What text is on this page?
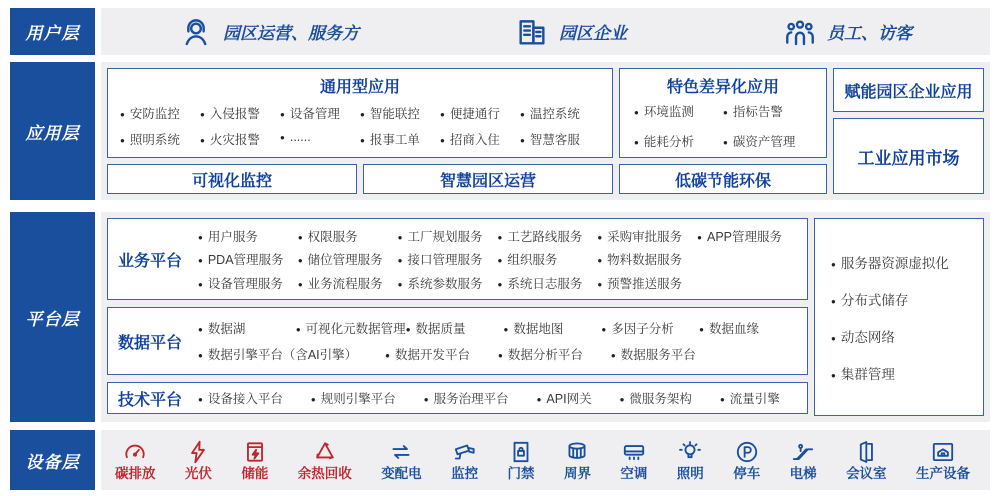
用户层	园区运营、服务方	园区企业	员工、访客
应用层
通用型应用
● 安防监控	● 入侵报警	● 设备管理	● 智能联控	● 便捷通行	● 温控系统
● 照明系统	● 火灾报警	● ......	● 报事工单	● 招商入住	● 智慧客服
可视化监控	智慧园区运营
特色差异化应用
● 环境监测	● 指标告警
● 能耗分析	● 碳资产管理
低碳节能环保
赋能园区企业应用
工业应用市场
平台层
业务平台
● 用户服务	● 权限服务	● 工厂规划服务	● 工艺路线服务	● 采购审批服务	● APP管理服务
● PDA管理服务	● 储位管理服务	● 接口管理服务	● 组织服务	● 物料数据服务
● 设备管理服务	● 业务流程服务	● 系统参数服务	● 系统日志服务	● 预警推送服务
数据平台
● 数据湖	● 可视化元数据管理 ● 数据质量	● 数据地图	● 多因子分析	● 数据血缘
● 数据引擎平台（含AI引擎）	● 数据开发平台	● 数据分析平台	● 数据服务平台
技术平台	● 设备接入平台	● 规则引擎平台	● 服务治理平台	● API网关	● 微服务架构	● 流量引擎
● 服务器资源虚拟化
● 分布式储存
● 动态网络
● 集群管理
设备层
碳排放 光伏 储能 余热回收 变配电 监控 门禁 周界 空调 照明 停车 电梯 会议室 生产设备
